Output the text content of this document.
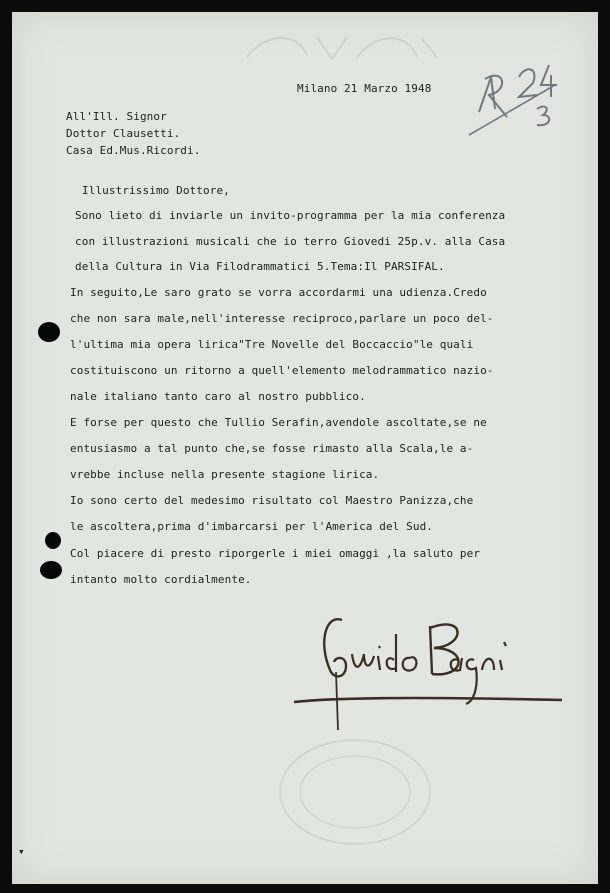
Milano 21 Marzo 1948
All'Ill. Signor
Dottor Clausetti.
Casa Ed.Mus.Ricordi.
Illustrissimo Dottore,
Sono lieto di inviarle un invito-programma per la mia conferenza
con illustrazioni musicali che io terro Giovedi 25p.v. alla Casa
della Cultura in Via Filodrammatici 5.Tema:Il PARSIFAL.
In seguito,Le saro grato se vorra accordarmi una udienza.Credo
che non sara male,nell'interesse reciproco,parlare un poco del-
l'ultima mia opera lirica"Tre Novelle del Boccaccio"le quali
costituiscono un ritorno a quell'elemento melodrammatico nazio-
nale italiano tanto caro al nostro pubblico.
E forse per questo che Tullio Serafin,avendole ascoltate,se ne
entusiasmo a tal punto che,se fosse rimasto alla Scala,le a-
vrebbe incluse nella presente stagione lirica.
Io sono certo del medesimo risultato col Maestro Panizza,che
le ascoltera,prima d'imbarcarsi per l'America del Sud.
Col piacere di presto riporgerle i miei omaggi ,la saluto per
intanto molto cordialmente.
▾
